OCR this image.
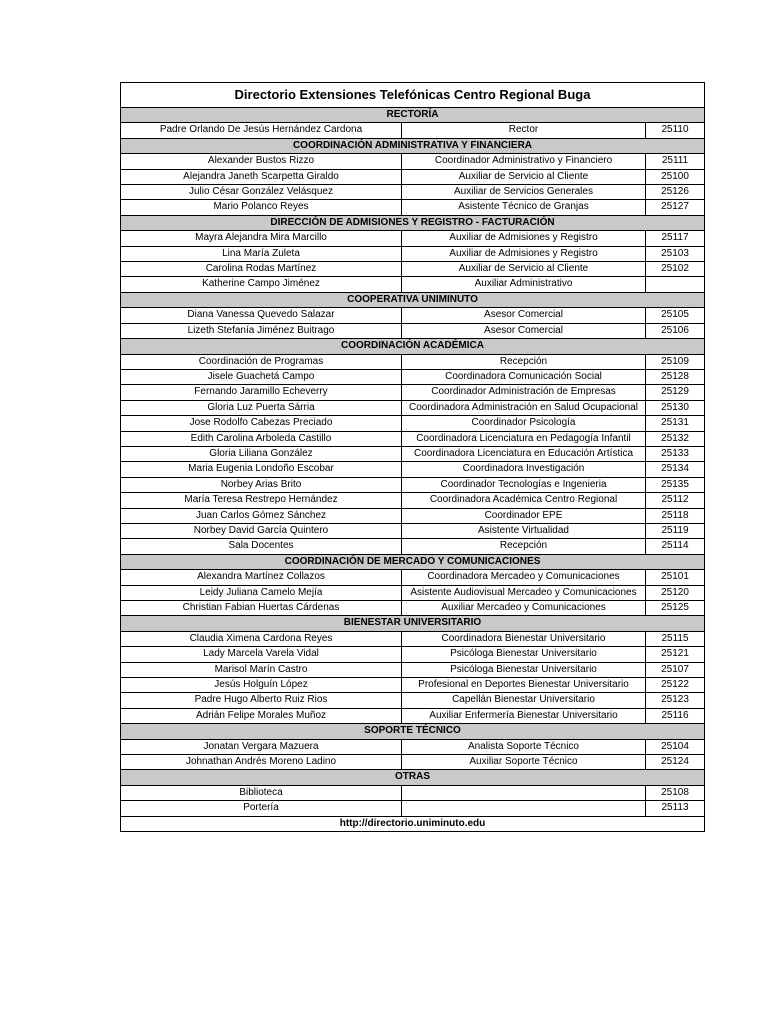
Directorio Extensiones Telefónicas Centro Regional Buga		
RECTORÍA		
Padre Orlando De Jesús Hernández Cardona	Rector	25110
COORDINACIÓN ADMINISTRATIVA Y FINANCIERA		
Alexander Bustos Rizzo	Coordinador Administrativo y Financiero	25111
Alejandra Janeth Scarpetta Giraldo	Auxiliar de Servicio al Cliente	25100
Julio César González Velásquez	Auxiliar de Servicios Generales	25126
Mario Polanco Reyes	Asistente Técnico de Granjas	25127
DIRECCIÓN DE ADMISIONES Y REGISTRO - FACTURACIÓN		
Mayra Alejandra Mira Marcillo	Auxiliar de Admisiones y Registro	25117
Lina María Zuleta	Auxiliar de Admisiones y Registro	25103
Carolina Rodas Martínez	Auxiliar de Servicio al Cliente	25102
Katherine Campo Jiménez	Auxiliar Administrativo	
COOPERATIVA UNIMINUTO		
Diana Vanessa Quevedo Salazar	Asesor Comercial	25105
Lizeth Stefanía Jiménez Buitrago	Asesor Comercial	25106
COORDINACIÓN ACADÉMICA		
Coordinación de Programas	Recepción	25109
Jisele Guachetá Campo	Coordinadora Comunicación Social	25128
Fernando Jaramillo Echeverry	Coordinador Administración de Empresas	25129
Gloria Luz Puerta Sárria	Coordinadora Administración en Salud Ocupacional	25130
Jose Rodolfo Cabezas Preciado	Coordinador Psicología	25131
Edith Carolina Arboleda Castillo	Coordinadora Licenciatura en Pedagogía Infantil	25132
Gloria Liliana González	Coordinadora Licenciatura en Educación Artística	25133
Maria Eugenia Londoño Escobar	Coordinadora Investigación	25134
Norbey Arias Brito	Coordinador Tecnologías e Ingenieria	25135
María Teresa Restrepo Hernández	Coordinadora Académica Centro Regional	25112
Juan Carlos Gómez Sánchez	Coordinador EPE	25118
Norbey David García Quintero	Asistente Virtualidad	25119
Sala Docentes	Recepción	25114
COORDINACIÓN DE MERCADO Y COMUNICACIONES		
Alexandra Martínez Collazos	Coordinadora Mercadeo y Comunicaciones	25101
Leidy Juliana Camelo Mejía	Asistente Audiovisual Mercadeo y Comunicaciones	25120
Christian Fabian Huertas Cárdenas	Auxiliar Mercadeo y Comunicaciones	25125
BIENESTAR UNIVERSITARIO		
Claudia Ximena Cardona Reyes	Coordinadora Bienestar Universitario	25115
Lady Marcela Varela Vidal	Psicóloga Bienestar Universitario	25121
Marisol Marín Castro	Psicóloga Bienestar Universitario	25107
Jesús Holguín López	Profesional en Deportes Bienestar Universitario	25122
Padre Hugo Alberto Ruiz Rios	Capellán Bienestar Universitario	25123
Adrián Felipe Morales Muñoz	Auxiliar Enfermería Bienestar Universitario	25116
SOPORTE TÉCNICO		
Jonatan Vergara Mazuera	Analista Soporte Técnico	25104
Johnathan Andrés Moreno Ladino	Auxiliar Soporte Técnico	25124
OTRAS		
Biblioteca		25108
Portería		25113
http://directorio.uniminuto.edu		
